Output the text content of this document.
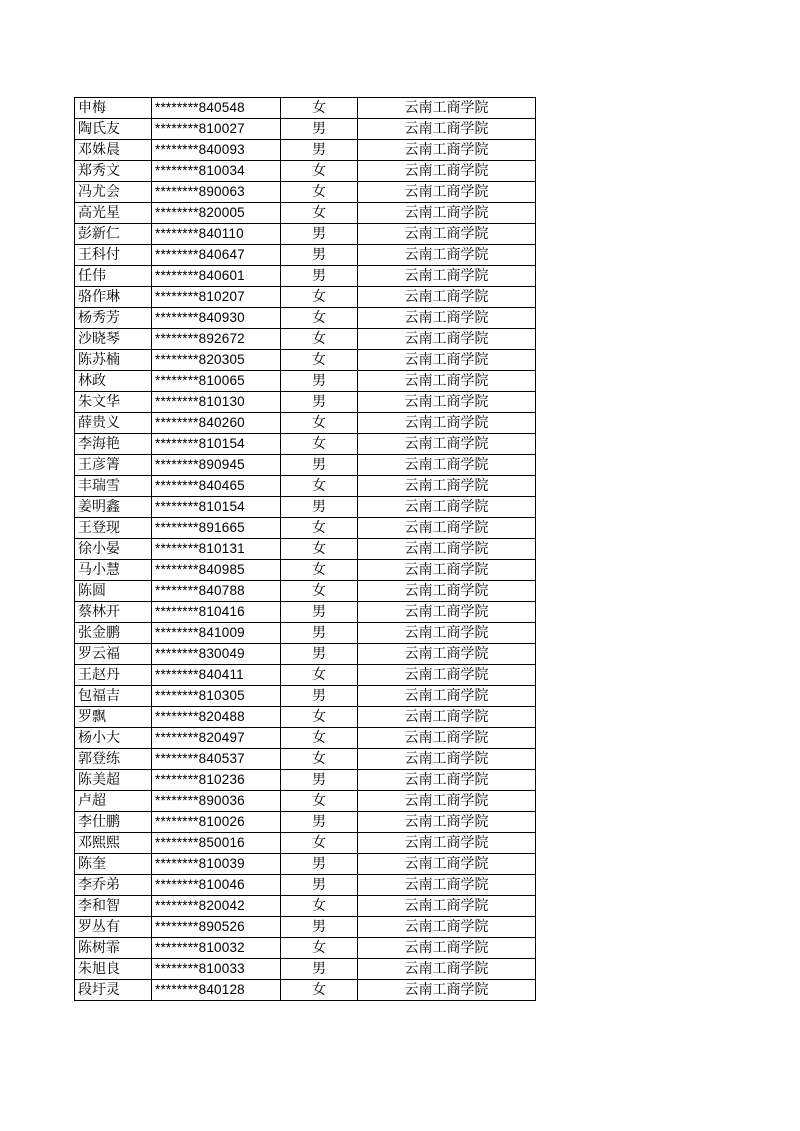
申梅	********840548	女	云南工商学院
陶氏友	********810027	男	云南工商学院
邓姝晨	********840093	男	云南工商学院
郑秀文	********810034	女	云南工商学院
冯尤会	********890063	女	云南工商学院
高光星	********820005	女	云南工商学院
彭新仁	********840110	男	云南工商学院
王科付	********840647	男	云南工商学院
任伟	********840601	男	云南工商学院
骆作琳	********810207	女	云南工商学院
杨秀芳	********840930	女	云南工商学院
沙晓琴	********892672	女	云南工商学院
陈苏楠	********820305	女	云南工商学院
林政	********810065	男	云南工商学院
朱文华	********810130	男	云南工商学院
薛贵义	********840260	女	云南工商学院
李海艳	********810154	女	云南工商学院
王彦箐	********890945	男	云南工商学院
丰瑞雪	********840465	女	云南工商学院
姜明鑫	********810154	男	云南工商学院
王登现	********891665	女	云南工商学院
徐小晏	********810131	女	云南工商学院
马小慧	********840985	女	云南工商学院
陈圆	********840788	女	云南工商学院
蔡林开	********810416	男	云南工商学院
张金鹏	********841009	男	云南工商学院
罗云福	********830049	男	云南工商学院
王赵丹	********840411	女	云南工商学院
包福吉	********810305	男	云南工商学院
罗飘	********820488	女	云南工商学院
杨小大	********820497	女	云南工商学院
郭登练	********840537	女	云南工商学院
陈美超	********810236	男	云南工商学院
卢超	********890036	女	云南工商学院
李仕鹏	********810026	男	云南工商学院
邓熙熙	********850016	女	云南工商学院
陈奎	********810039	男	云南工商学院
李乔弟	********810046	男	云南工商学院
李和智	********820042	女	云南工商学院
罗丛有	********890526	男	云南工商学院
陈树霏	********810032	女	云南工商学院
朱旭良	********810033	男	云南工商学院
段圩灵	********840128	女	云南工商学院
